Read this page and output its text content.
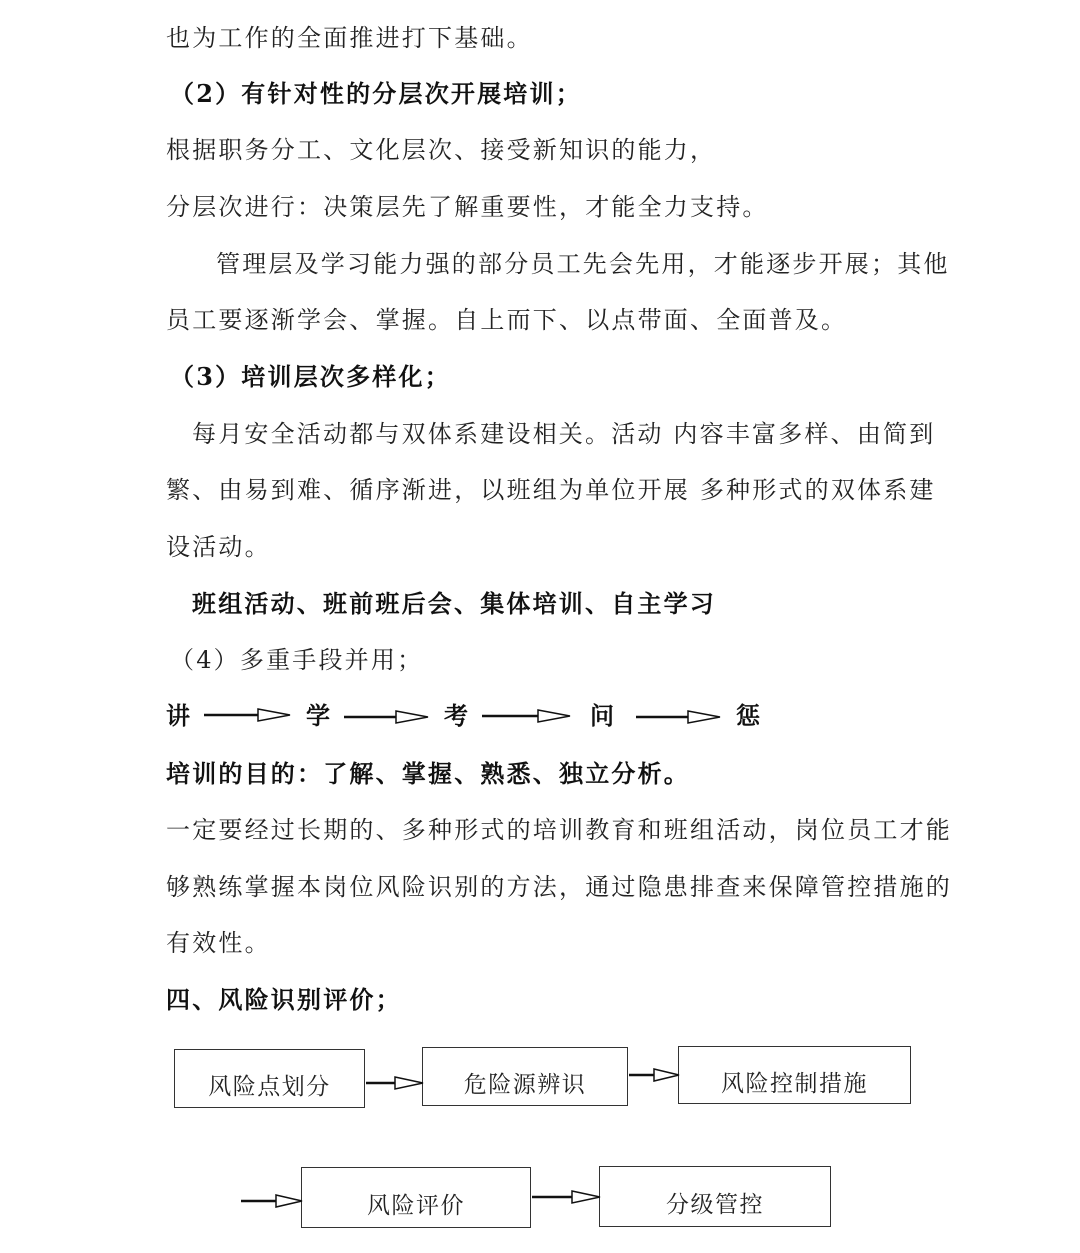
也为工作的全面推进打下基础。
（2）有针对性的分层次开展培训；
根据职务分工、文化层次、接受新知识的能力，
分层次进行：决策层先了解重要性，才能全力支持。
管理层及学习能力强的部分员工先会先用，才能逐步开展；其他
员工要逐渐学会、掌握。自上而下、以点带面、全面普及。
（3）培训层次多样化；
每月安全活动都与双体系建设相关。活动 内容丰富多样、由简到
繁、由易到难、循序渐进，以班组为单位开展 多种形式的双体系建
设活动。
班组活动、班前班后会、集体培训、自主学习
（4）多重手段并用；
讲	学	考	问	惩
培训的目的：了解、掌握、熟悉、独立分析。
一定要经过长期的、多种形式的培训教育和班组活动，岗位员工才能
够熟练掌握本岗位风险识别的方法，通过隐患排查来保障管控措施的
有效性。
四、风险识别评价；
风险点划分	危险源辨识	风险控制措施
风险评价	分级管控
